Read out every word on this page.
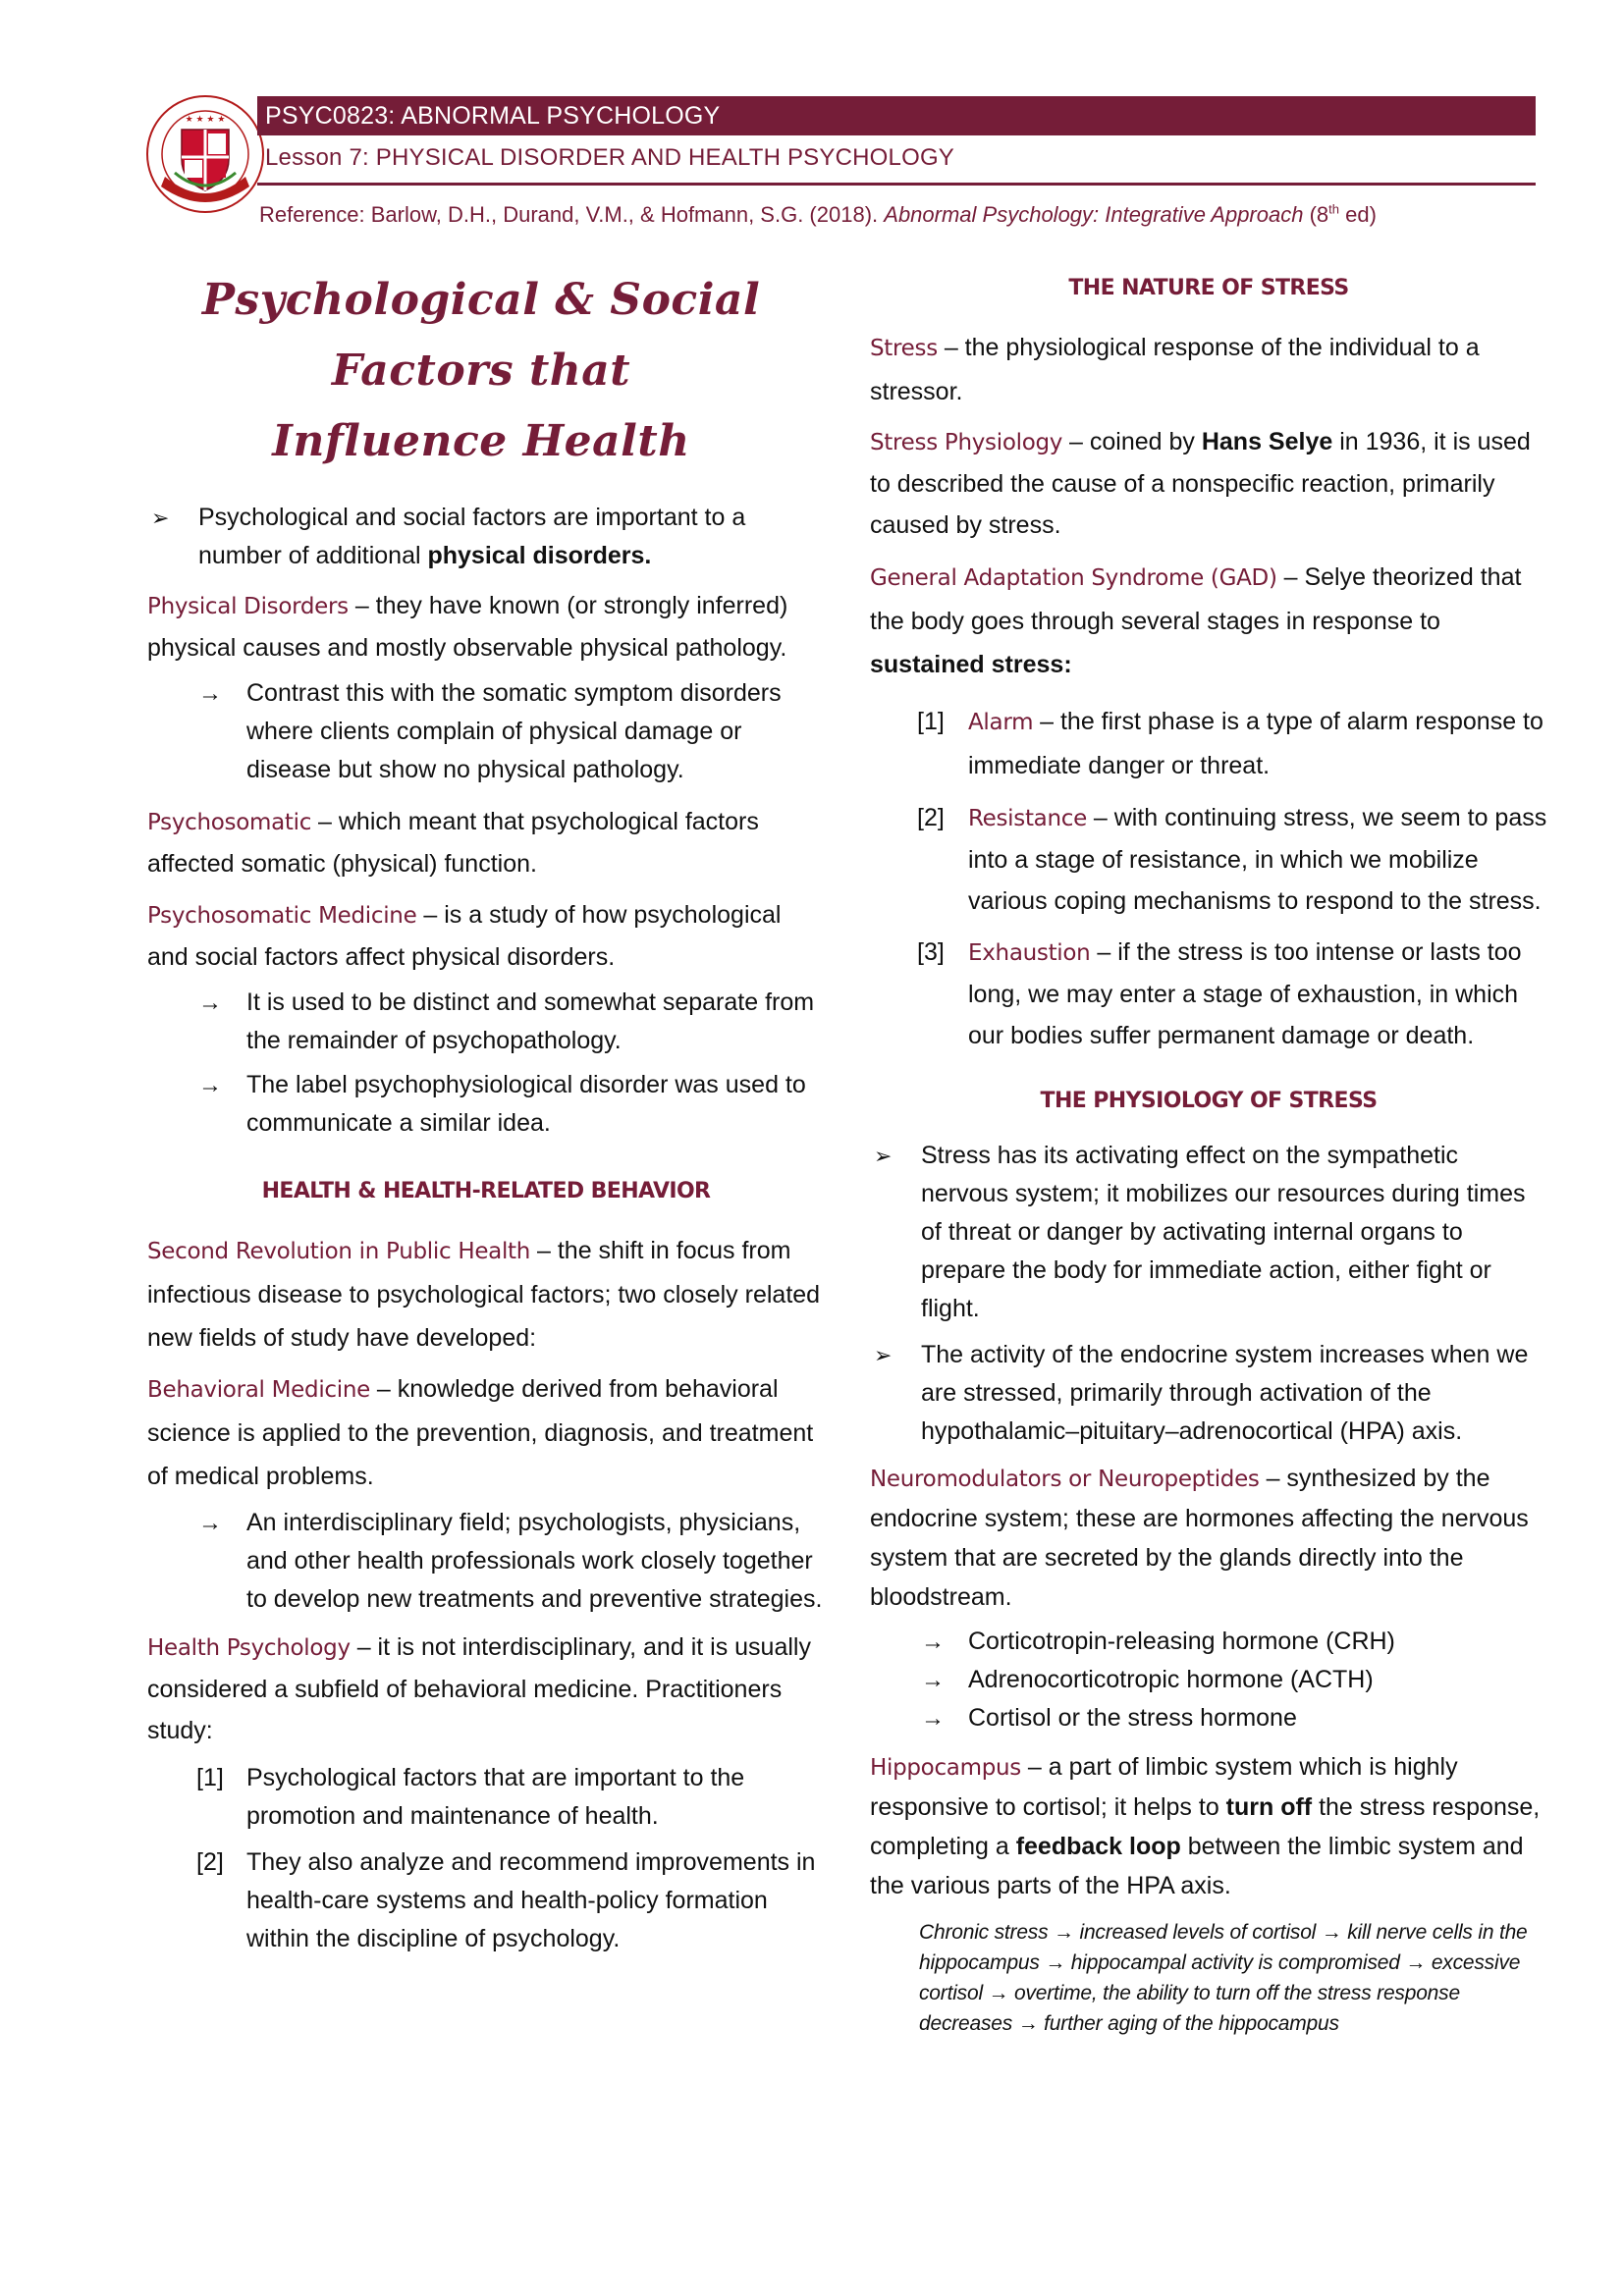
★ ★ ★ ★	PSYC0823: ABNORMAL PSYCHOLOGY
Lesson 7: PHYSICAL DISORDER AND HEALTH PSYCHOLOGY
Reference: Barlow, D.H., Durand, V.M., & Hofmann, S.G. (2018). Abnormal Psychology: Integrative Approach (8th ed)
Psychological & Social Factors that
Influence Health
➢ Psychological and social factors are important to a number of additional physical disorders.
Physical Disorders – they have known (or strongly inferred) physical causes and mostly observable physical pathology.
→ Contrast this with the somatic symptom disorders where clients complain of physical damage or disease but show no physical pathology.
Psychosomatic – which meant that psychological factors affected somatic (physical) function.
Psychosomatic Medicine – is a study of how psychological and social factors affect physical disorders.
→ It is used to be distinct and somewhat separate from the remainder of psychopathology.
→ The label psychophysiological disorder was used to communicate a similar idea.
HEALTH & HEALTH-RELATED BEHAVIOR
Second Revolution in Public Health – the shift in focus from infectious disease to psychological factors; two closely related new fields of study have developed:
Behavioral Medicine – knowledge derived from behavioral science is applied to the prevention, diagnosis, and treatment of medical problems.
→ An interdisciplinary field; psychologists, physicians, and other health professionals work closely together to develop new treatments and preventive strategies.
Health Psychology – it is not interdisciplinary, and it is usually considered a subfield of behavioral medicine. Practitioners study:
[1] Psychological factors that are important to the promotion and maintenance of health.
[2] They also analyze and recommend improvements in health-care systems and health-policy formation within the discipline of psychology.
THE NATURE OF STRESS
Stress – the physiological response of the individual to a stressor.
Stress Physiology – coined by Hans Selye in 1936, it is used to described the cause of a nonspecific reaction, primarily caused by stress.
General Adaptation Syndrome (GAD) – Selye theorized that the body goes through several stages in response to sustained stress:
[1] Alarm – the first phase is a type of alarm response to immediate danger or threat.
[2] Resistance – with continuing stress, we seem to pass into a stage of resistance, in which we mobilize various coping mechanisms to respond to the stress.
[3] Exhaustion – if the stress is too intense or lasts too long, we may enter a stage of exhaustion, in which our bodies suffer permanent damage or death.
THE PHYSIOLOGY OF STRESS
➢ Stress has its activating effect on the sympathetic nervous system; it mobilizes our resources during times of threat or danger by activating internal organs to prepare the body for immediate action, either fight or flight.
➢ The activity of the endocrine system increases when we are stressed, primarily through activation of the hypothalamic–pituitary–adrenocortical (HPA) axis.
Neuromodulators or Neuropeptides – synthesized by the endocrine system; these are hormones affecting the nervous system that are secreted by the glands directly into the bloodstream.
→ Corticotropin-releasing hormone (CRH)
→ Adrenocorticotropic hormone (ACTH)
→ Cortisol or the stress hormone
Hippocampus – a part of limbic system which is highly responsive to cortisol; it helps to turn off the stress response, completing a feedback loop between the limbic system and the various parts of the HPA axis.
Chronic stress → increased levels of cortisol → kill nerve cells in the hippocampus → hippocampal activity is compromised → excessive cortisol → overtime, the ability to turn off the stress response decreases → further aging of the hippocampus
